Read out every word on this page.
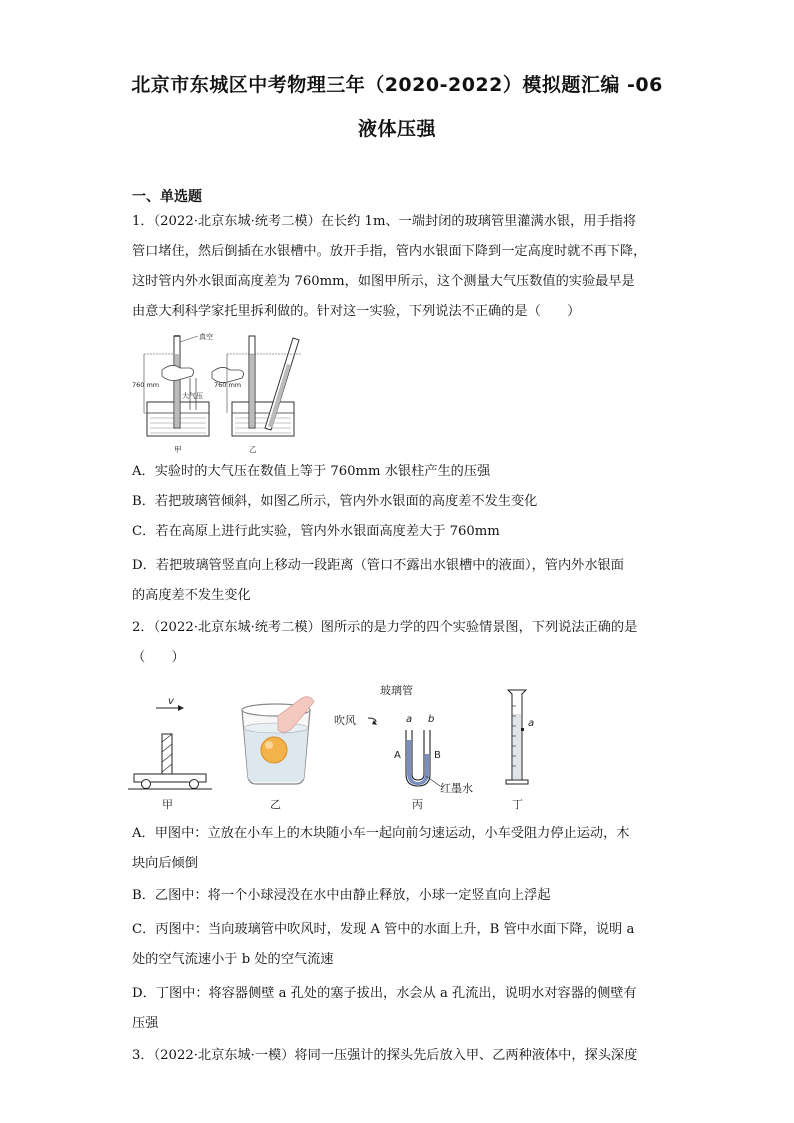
北京市东城区中考物理三年（2020-2022）模拟题汇编 -06
液体压强
一、单选题
1．（2022·北京东城·统考二模）在长约 1m、一端封闭的玻璃管里灌满水银，用手指将
管口堵住，然后倒插在水银槽中。放开手指，管内水银面下降到一定高度时就不再下降，
这时管内外水银面高度差为 760mm，如图甲所示，这个测量大气压数值的实验最早是
由意大利科学家托里拆利做的。针对这一实验，下列说法不正确的是（　　）
真空
760 mm
大气压
甲
760 mm
乙
A．实验时的大气压在数值上等于 760mm 水银柱产生的压强
B．若把玻璃管倾斜，如图乙所示，管内外水银面的高度差不发生变化
C．若在高原上进行此实验，管内外水银面高度差大于 760mm
D．若把玻璃管竖直向上移动一段距离（管口不露出水银槽中的液面），管内外水银面
的高度差不发生变化
2．（2022·北京东城·统考二模）图所示的是力学的四个实验情景图，下列说法正确的是
（　　）
v
甲	乙
玻璃管
吹风	a b
A	B
红墨水
丙
a
丁
A．甲图中：立放在小车上的木块随小车一起向前匀速运动，小车受阻力停止运动，木
块向后倾倒
B．乙图中：将一个小球浸没在水中由静止释放，小球一定竖直向上浮起
C．丙图中：当向玻璃管中吹风时，发现 A 管中的水面上升，B 管中水面下降，说明 a
处的空气流速小于 b 处的空气流速
D．丁图中：将容器侧壁 a 孔处的塞子拔出，水会从 a 孔流出，说明水对容器的侧壁有
压强
3．（2022·北京东城·一模）将同一压强计的探头先后放入甲、乙两种液体中，探头深度
